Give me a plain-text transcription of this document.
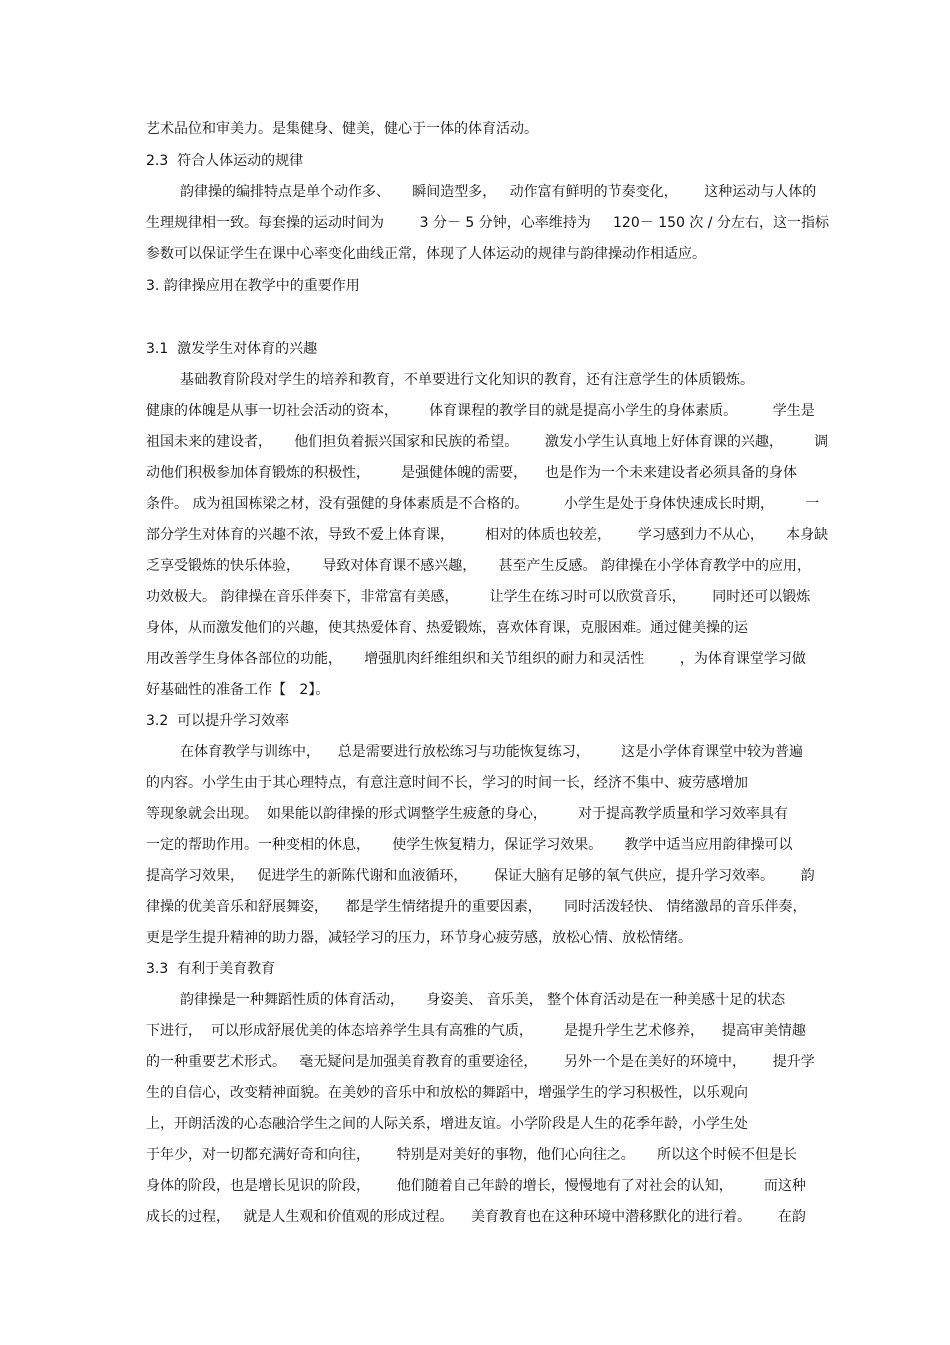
艺术品位和审美力。是集健身、健美，健心于一体的体育活动。
2.3  符合人体运动的规律
韵律操的编排特点是单个动作多、     瞬间造型多，   动作富有鲜明的节奏变化，      这种运动与人体的
生理规律相一致。每套操的运动时间为        3 分－ 5 分钟，心率维持为     120－ 150 次 / 分左右，这一指标
参数可以保证学生在课中心率变化曲线正常，体现了人体运动的规律与韵律操动作相适应。
3. 韵律操应用在教学中的重要作用
3.1  激发学生对体育的兴趣
基础教育阶段对学生的培养和教育，不单要进行文化知识的教育，还有注意学生的体质锻炼。
健康的体魄是从事一切社会活动的资本，       体育课程的教学目的就是提高小学生的身体素质。        学生是
祖国未来的建设者，     他们担负着振兴国家和民族的希望。      激发小学生认真地上好体育课的兴趣，       调
动他们积极参加体育锻炼的积极性，       是强健体魄的需要，    也是作为一个未来建设者必须具备的身体
条件。 成为祖国栋梁之材，没有强健的身体素质是不合格的。        小学生是处于身体快速成长时期，       一
部分学生对体育的兴趣不浓，导致不爱上体育课，       相对的体质也较差，      学习感到力不从心，     本身缺
乏享受锻炼的快乐体验，     导致对体育课不感兴趣，     甚至产生反感。 韵律操在小学体育教学中的应用，
功效极大。 韵律操在音乐伴奏下，非常富有美感，       让学生在练习时可以欣赏音乐，      同时还可以锻炼
身体，从而激发他们的兴趣，使其热爱体育、热爱锻炼，喜欢体育课，克服困难。通过健美操的运
用改善学生身体各部位的功能，     增强肌肉纤维组织和关节组织的耐力和灵活性        ，为体育课堂学习做
好基础性的准备工作【   2】。
3.2  可以提升学习效率
在体育教学与训练中，    总是需要进行放松练习与功能恢复练习，       这是小学体育课堂中较为普遍
的内容。小学生由于其心理特点，有意注意时间不长，学习的时间一长，经济不集中、疲劳感增加
等现象就会出现。  如果能以韵律操的形式调整学生疲惫的身心，       对于提高教学质量和学习效率具有
一定的帮助作用。一种变相的休息，     使学生恢复精力，保证学习效果。     教学中适当应用韵律操可以
提高学习效果，   促进学生的新陈代谢和血液循环，      保证大脑有足够的氧气供应，提升学习效率。      韵
律操的优美音乐和舒展舞姿，    都是学生情绪提升的重要因素，     同时活泼轻快、 情绪激昂的音乐伴奏，
更是学生提升精神的助力器，减轻学习的压力，环节身心疲劳感，放松心情、放松情绪。
3.3  有利于美育教育
韵律操是一种舞蹈性质的体育活动，     身姿美、 音乐美， 整个体育活动是在一种美感十足的状态
下进行，  可以形成舒展优美的体态培养学生具有高雅的气质，       是提升学生艺术修养，    提高审美情趣
的一种重要艺术形式。   毫无疑问是加强美育教育的重要途径，      另外一个是在美好的环境中，      提升学
生的自信心，改变精神面貌。在美妙的音乐中和放松的舞蹈中，增强学生的学习积极性，以乐观向
上，开朗活泼的心态融洽学生之间的人际关系，增进友谊。小学阶段是人生的花季年龄，小学生处
于年少，对一切都充满好奇和向往，      特别是对美好的事物，他们心向往之。     所以这个时候不但是长
身体的阶段，也是增长见识的阶段，      他们随着自己年龄的增长，慢慢地有了对社会的认知，       而这种
成长的过程，   就是人生观和价值观的形成过程。    美育教育也在这种环境中潜移默化的进行着。      在韵
